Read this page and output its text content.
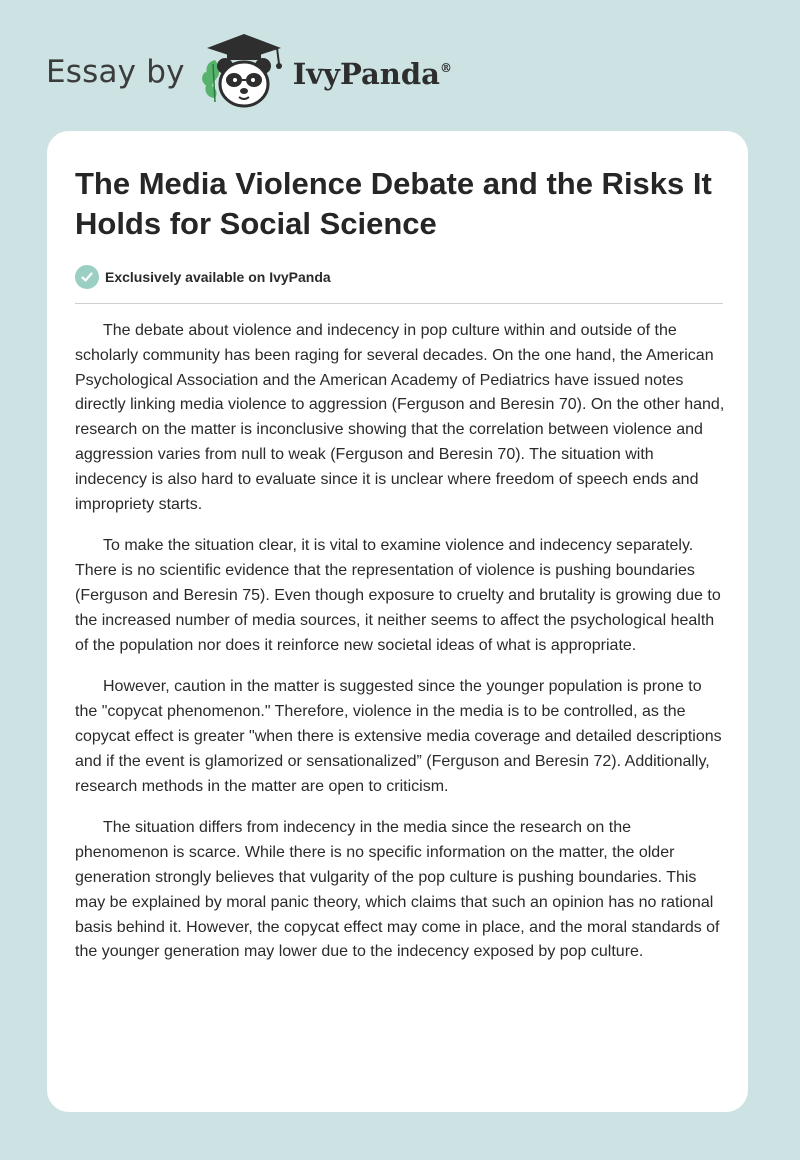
Essay by	IvyPanda®
The Media Violence Debate and the Risks It Holds for Social Science
Exclusively available on IvyPanda

The debate about violence and indecency in pop culture within and outside of the scholarly community has been raging for several decades. On the one hand, the American Psychological Association and the American Academy of Pediatrics have issued notes directly linking media violence to aggression (Ferguson and Beresin 70). On the other hand, research on the matter is inconclusive showing that the correlation between violence and aggression varies from null to weak (Ferguson and Beresin 70). The situation with indecency is also hard to evaluate since it is unclear where freedom of speech ends and impropriety starts.

To make the situation clear, it is vital to examine violence and indecency separately. There is no scientific evidence that the representation of violence is pushing boundaries (Ferguson and Beresin 75). Even though exposure to cruelty and brutality is growing due to the increased number of media sources, it neither seems to affect the psychological health of the population nor does it reinforce new societal ideas of what is appropriate.

However, caution in the matter is suggested since the younger population is prone to the "copycat phenomenon." Therefore, violence in the media is to be controlled, as the copycat effect is greater "when there is extensive media coverage and detailed descriptions and if the event is glamorized or sensationalized” (Ferguson and Beresin 72). Additionally, research methods in the matter are open to criticism.

The situation differs from indecency in the media since the research on the phenomenon is scarce. While there is no specific information on the matter, the older generation strongly believes that vulgarity of the pop culture is pushing boundaries. This may be explained by moral panic theory, which claims that such an opinion has no rational basis behind it. However, the copycat effect may come in place, and the moral standards of the younger generation may lower due to the indecency exposed by pop culture.
